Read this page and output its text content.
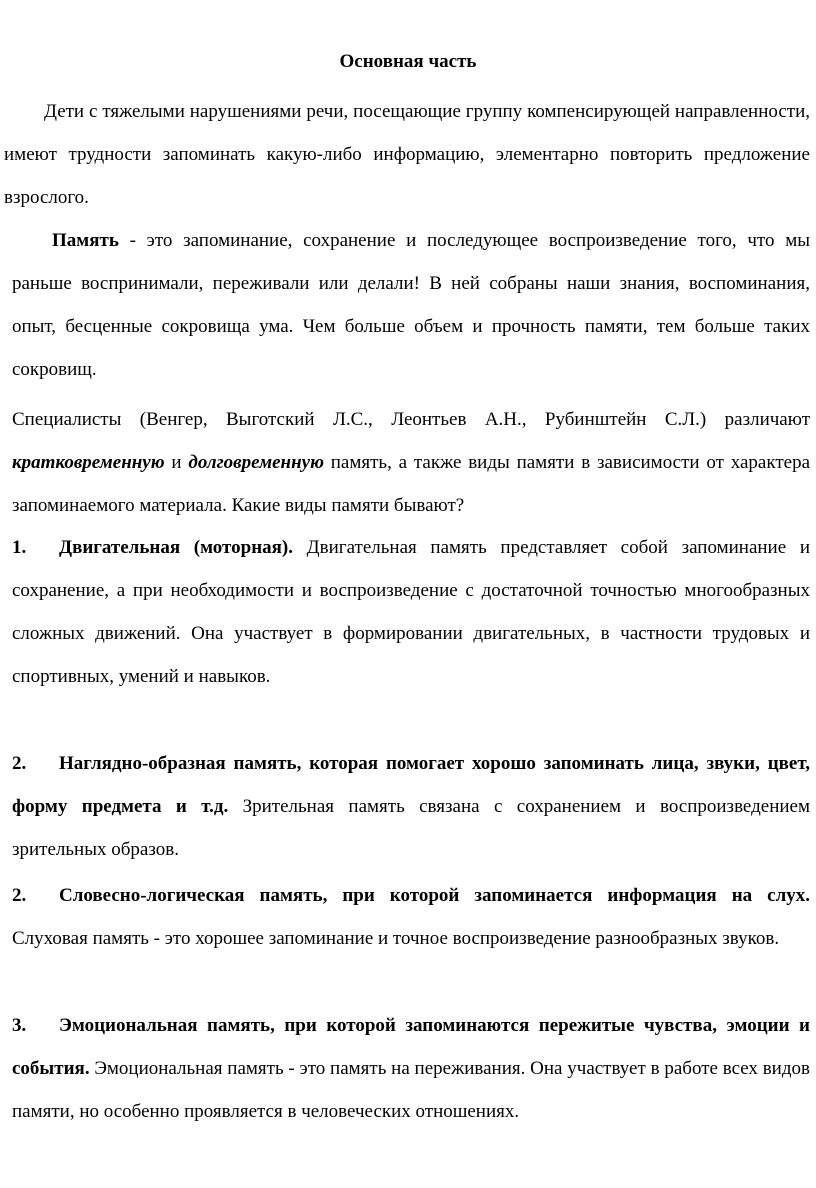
Основная часть

Дети с тяжелыми нарушениями речи, посещающие группу компенсирующей направленности, имеют трудности запоминать какую-либо информацию, элементарно повторить предложение взрослого.

Память - это запоминание, сохранение и последующее воспроизведение того, что мы раньше воспринимали, переживали или делали! В ней собраны наши знания, воспоминания, опыт, бесценные сокровища ума. Чем больше объем и прочность памяти, тем больше таких сокровищ.

Специалисты (Венгер, Выготский Л.С., Леонтьев А.Н., Рубинштейн С.Л.) различают кратковременную и долговременную память, а также виды памяти в зависимости от характера запоминаемого материала. Какие виды памяти бывают?

1. Двигательная (моторная). Двигательная память представляет собой запоминание и сохранение, а при необходимости и воспроизведение с достаточной точностью многообразных сложных движений. Она участвует в формировании двигательных, в частности трудовых и спортивных, умений и навыков.

2. Наглядно-образная память, которая помогает хорошо запоминать лица, звуки, цвет, форму предмета и т.д. Зрительная память связана с сохранением и воспроизведением зрительных образов.

2. Словесно-логическая память, при которой запоминается информация на слух. Слуховая память - это хорошее запоминание и точное воспроизведение разнообразных звуков.

3. Эмоциональная память, при которой запоминаются пережитые чувства, эмоции и события. Эмоциональная память - это память на переживания. Она участвует в работе всех видов памяти, но особенно проявляется в человеческих отношениях.
